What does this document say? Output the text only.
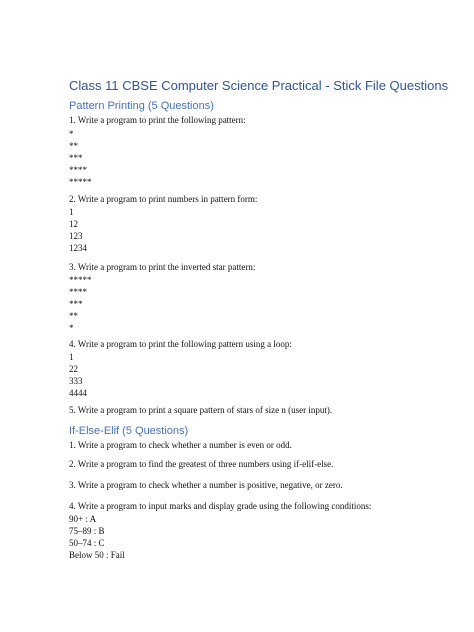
Class 11 CBSE Computer Science Practical - Stick File Questions
Pattern Printing (5 Questions)
1. Write a program to print the following pattern:
*
**
***
****
*****
2. Write a program to print numbers in pattern form:
1
12
123
1234
3. Write a program to print the inverted star pattern:
*****
****
***
**
*
4. Write a program to print the following pattern using a loop:
1
22
333
4444
5. Write a program to print a square pattern of stars of size n (user input).
If-Else-Elif (5 Questions)
1. Write a program to check whether a number is even or odd.
2. Write a program to find the greatest of three numbers using if-elif-else.
3. Write a program to check whether a number is positive, negative, or zero.
4. Write a program to input marks and display grade using the following conditions:
90+ : A
75–89 : B
50–74 : C
Below 50 : Fail
